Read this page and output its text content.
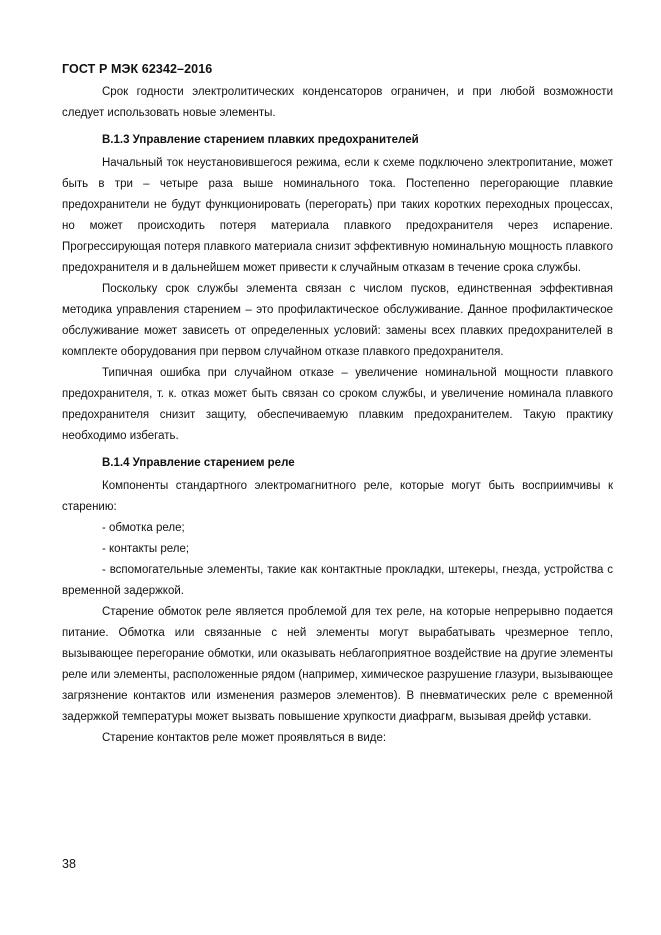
ГОСТ Р МЭК 62342–2016

Срок годности электролитических конденсаторов ограничен, и при любой возможности следует использовать новые элементы.

В.1.3 Управление старением плавких предохранителей

Начальный ток неустановившегося режима, если к схеме подключено электропитание, может быть в три – четыре раза выше номинального тока. Постепенно перегорающие плавкие предохранители не будут функционировать (перегорать) при таких коротких переходных процессах, но может происходить потеря материала плавкого предохранителя через испарение. Прогрессирующая потеря плавкого материала снизит эффективную номинальную мощность плавкого предохранителя и в дальнейшем может привести к случайным отказам в течение срока службы.

Поскольку срок службы элемента связан с числом пусков, единственная эффективная методика управления старением – это профилактическое обслуживание. Данное профилактическое обслуживание может зависеть от определенных условий: замены всех плавких предохранителей в комплекте оборудования при первом случайном отказе плавкого предохранителя.

Типичная ошибка при случайном отказе – увеличение номинальной мощности плавкого предохранителя, т. к. отказ может быть связан со сроком службы, и увеличение номинала плавкого предохранителя снизит защиту, обеспечиваемую плавким предохранителем. Такую практику необходимо избегать.

В.1.4 Управление старением реле

Компоненты стандартного электромагнитного реле, которые могут быть восприимчивы к старению:

- обмотка реле;

- контакты реле;

- вспомогательные элементы, такие как контактные прокладки, штекеры, гнезда, устройства с временной задержкой.

Старение обмоток реле является проблемой для тех реле, на которые непрерывно подается питание. Обмотка или связанные с ней элементы могут вырабатывать чрезмерное тепло, вызывающее перегорание обмотки, или оказывать неблагоприятное воздействие на другие элементы реле или элементы, расположенные рядом (например, химическое разрушение глазури, вызывающее загрязнение контактов или изменения размеров элементов). В пневматических реле с временной задержкой температуры может вызвать повышение хрупкости диафрагм, вызывая дрейф уставки.

Старение контактов реле может проявляться в виде:

38
